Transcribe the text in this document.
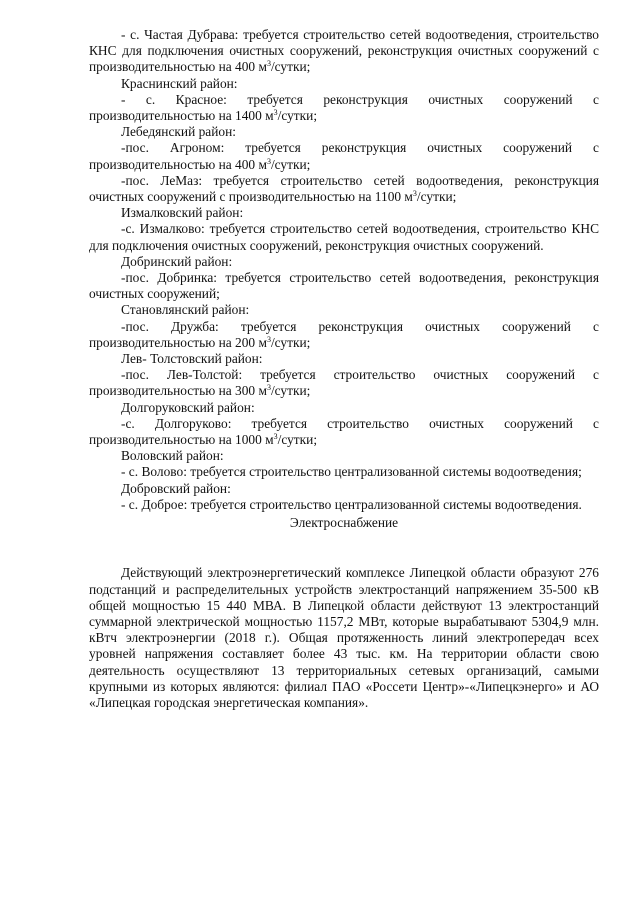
- с. Частая Дубрава: требуется строительство сетей водоотведения, строительство КНС для подключения очистных сооружений, реконструкция очистных сооружений с производительностью на 400 $м^3$/сутки;

Краснинский район:

- с. Красное: требуется реконструкция очистных сооружений с производительностью на 1400 $м^3$/сутки;

Лебедянский район:

-пос. Агроном: требуется реконструкция очистных сооружений с производительностью на 400 $м^3$/сутки;

-пос. ЛеМаз: требуется строительство сетей водоотведения, реконструкция очистных сооружений с производительностью на 1100 $м^3$/сутки;

Измалковский район:

-с. Измалково: требуется строительство сетей водоотведения, строительство КНС для подключения очистных сооружений, реконструкция очистных сооружений.

Добринский район:

-пос. Добринка: требуется строительство сетей водоотведения, реконструкция очистных сооружений;

Становлянский район:

-пос. Дружба: требуется реконструкция очистных сооружений с производительностью на 200 $м^3$/сутки;

Лев- Толстовский район:

-пос. Лев-Толстой: требуется строительство очистных сооружений с производительностью на 300 $м^3$/сутки;

Долгоруковский район:

-с. Долгоруково: требуется строительство очистных сооружений с производительностью на 1000 $м^3$/сутки;

Воловский район:

- с. Волово: требуется строительство централизованной системы водоотведения;

Добровский район:

- с. Доброе: требуется строительство централизованной системы водоотведения.

Электроснабжение

Действующий электроэнергетический комплексе Липецкой области образуют 276 подстанций и распределительных устройств электростанций напряжением 35-500 кВ общей мощностью 15 440 МВА. В Липецкой области действуют 13 электростанций суммарной электрической мощностью 1157,2 МВт, которые вырабатывают 5304,9 млн. кВтч электроэнергии (2018 г.). Общая протяженность линий электропередач всех уровней напряжения составляет более 43 тыс. км. На территории области свою деятельность осуществляют 13 территориальных сетевых организаций, самыми крупными из которых являются: филиал ПАО «Россети Центр»-«Липецкэнерго» и АО «Липецкая городская энергетическая компания».
